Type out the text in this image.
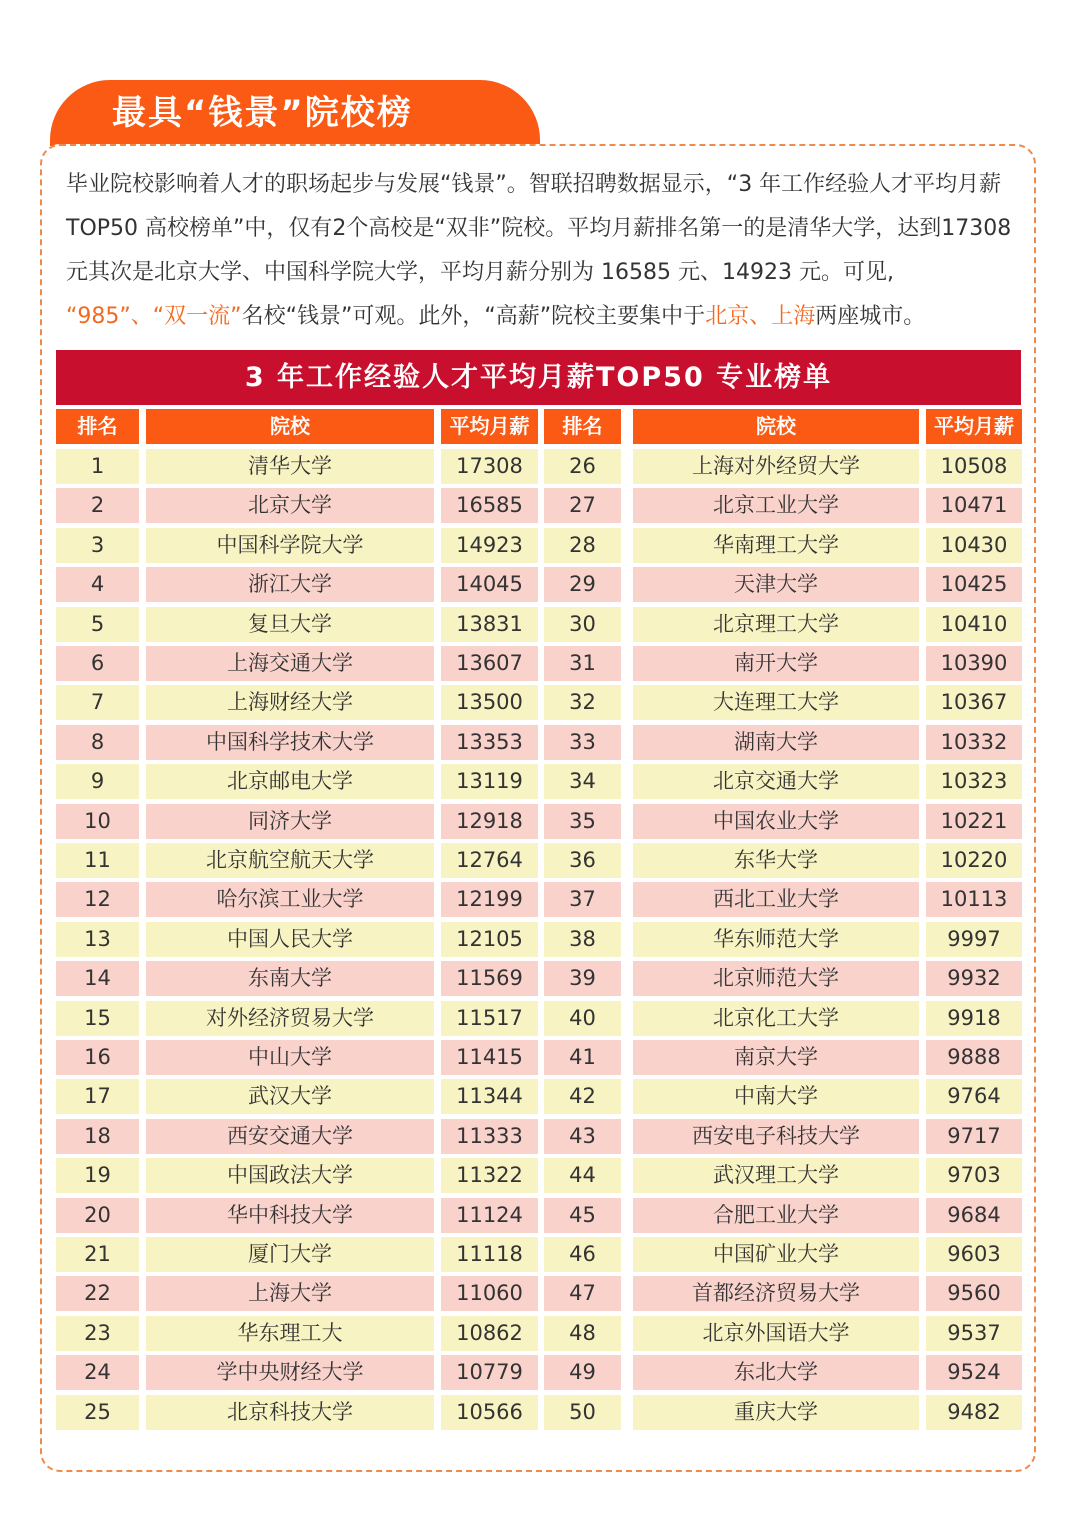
最具“钱景”院校榜
毕业院校影响着人才的职场起步与发展“钱景”。智联招聘数据显示，“3 年工作经验人才平均月薪TOP50 高校榜单”中，仅有2个高校是“双非”院校。平均月薪排名第一的是清华大学，达到17308元其次是北京大学、中国科学院大学，平均月薪分别为 16585 元、14923 元。可见,
“985”、“双一流”名校“钱景”可观。此外，“高薪”院校主要集中于北京、上海两座城市。
3 年工作经验人才平均月薪TOP50 专业榜单
排名	院校	平均月薪	排名	院校	平均月薪
1	清华大学	17308	26	上海对外经贸大学	10508
2	北京大学	16585	27	北京工业大学	10471
3	中国科学院大学	14923	28	华南理工大学	10430
4	浙江大学	14045	29	天津大学	10425
5	复旦大学	13831	30	北京理工大学	10410
6	上海交通大学	13607	31	南开大学	10390
7	上海财经大学	13500	32	大连理工大学	10367
8	中国科学技术大学	13353	33	湖南大学	10332
9	北京邮电大学	13119	34	北京交通大学	10323
10	同济大学	12918	35	中国农业大学	10221
11	北京航空航天大学	12764	36	东华大学	10220
12	哈尔滨工业大学	12199	37	西北工业大学	10113
13	中国人民大学	12105	38	华东师范大学	9997
14	东南大学	11569	39	北京师范大学	9932
15	对外经济贸易大学	11517	40	北京化工大学	9918
16	中山大学	11415	41	南京大学	9888
17	武汉大学	11344	42	中南大学	9764
18	西安交通大学	11333	43	西安电子科技大学	9717
19	中国政法大学	11322	44	武汉理工大学	9703
20	华中科技大学	11124	45	合肥工业大学	9684
21	厦门大学	11118	46	中国矿业大学	9603
22	上海大学	11060	47	首都经济贸易大学	9560
23	华东理工大	10862	48	北京外国语大学	9537
24	学中央财经大学	10779	49	东北大学	9524
25	北京科技大学	10566	50	重庆大学	9482
